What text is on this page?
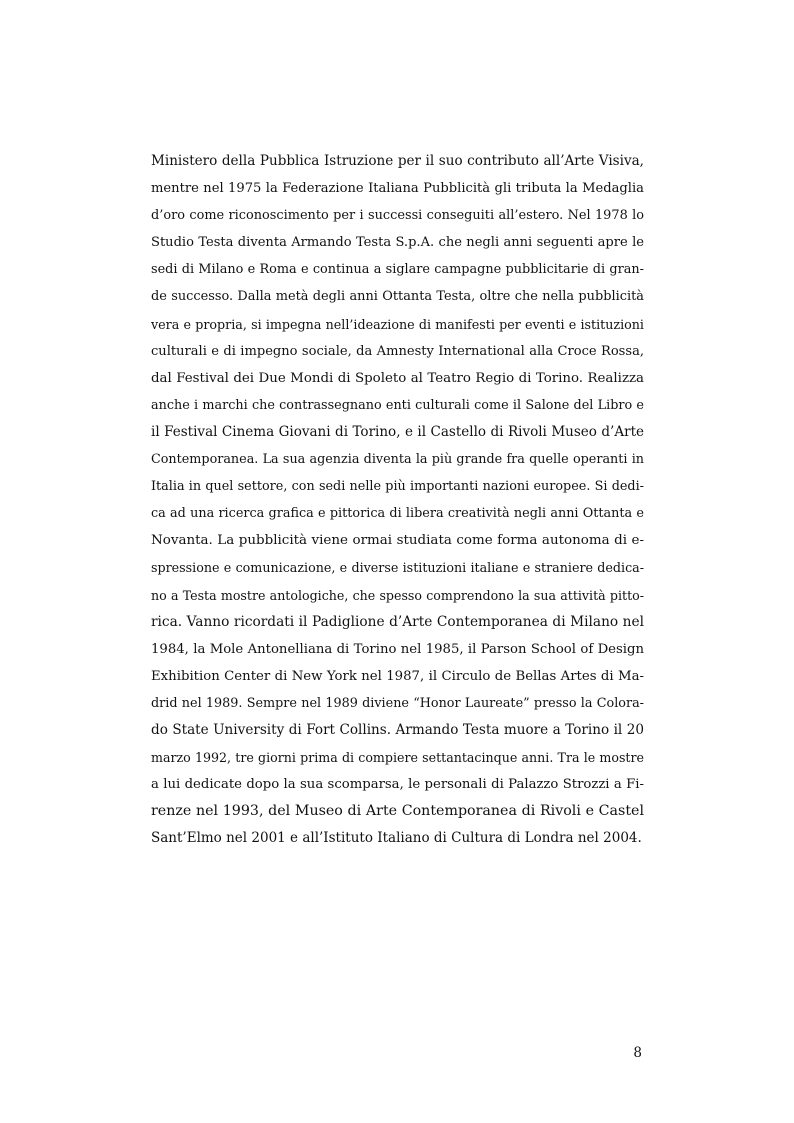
Ministero della Pubblica Istruzione per il suo contributo all’Arte Visiva,
mentre nel 1975 la Federazione Italiana Pubblicità gli tributa la Medaglia
d’oro come riconoscimento per i successi conseguiti all’estero. Nel 1978 lo
Studio Testa diventa Armando Testa S.p.A. che negli anni seguenti apre le
sedi di Milano e Roma e continua a siglare campagne pubblicitarie di gran-
de successo. Dalla metà degli anni Ottanta Testa, oltre che nella pubblicità
vera e propria, si impegna nell’ideazione di manifesti per eventi e istituzioni
culturali e di impegno sociale, da Amnesty International alla Croce Rossa,
dal Festival dei Due Mondi di Spoleto al Teatro Regio di Torino. Realizza
anche i marchi che contrassegnano enti culturali come il Salone del Libro e
il Festival Cinema Giovani di Torino, e il Castello di Rivoli Museo d’Arte
Contemporanea. La sua agenzia diventa la più grande fra quelle operanti in
Italia in quel settore, con sedi nelle più importanti nazioni europee. Si dedi-
ca ad una ricerca grafica e pittorica di libera creatività negli anni Ottanta e
Novanta. La pubblicità viene ormai studiata come forma autonoma di e-
spressione e comunicazione, e diverse istituzioni italiane e straniere dedica-
no a Testa mostre antologiche, che spesso comprendono la sua attività pitto-
rica. Vanno ricordati il Padiglione d’Arte Contemporanea di Milano nel
1984, la Mole Antonelliana di Torino nel 1985, il Parson School of Design
Exhibition Center di New York nel 1987, il Circulo de Bellas Artes di Ma-
drid nel 1989. Sempre nel 1989 diviene “Honor Laureate” presso la Colora-
do State University di Fort Collins. Armando Testa muore a Torino il 20
marzo 1992, tre giorni prima di compiere settantacinque anni. Tra le mostre
a lui dedicate dopo la sua scomparsa, le personali di Palazzo Strozzi a Fi-
renze nel 1993, del Museo di Arte Contemporanea di Rivoli e Castel
Sant’Elmo nel 2001 e all’Istituto Italiano di Cultura di Londra nel 2004.
8
